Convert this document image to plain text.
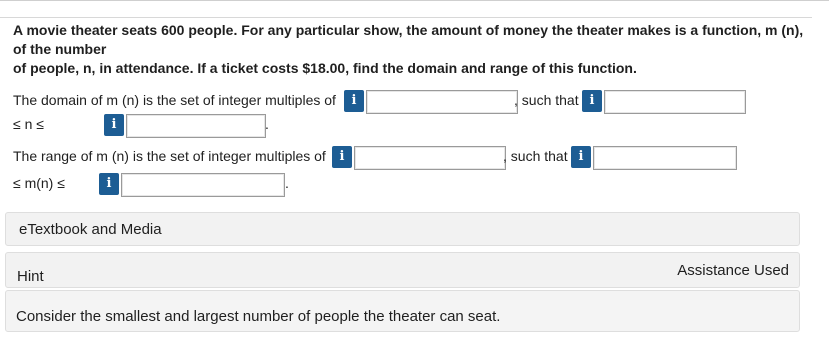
A movie theater seats 600 people. For any particular show, the amount of money the theater makes is a function, m (n), of the number
of people, n, in attendance. If a ticket costs $18.00, find the domain and range of this function.
The domain of m (n) is the set of integer multiples of	i	, such that i
≤ n ≤	i	.
The range of m (n) is the set of integer multiples of	i	, such that i
≤ m(n) ≤	i	.
eTextbook and Media
Hint	Assistance Used
Consider the smallest and largest number of people the theater can seat.
